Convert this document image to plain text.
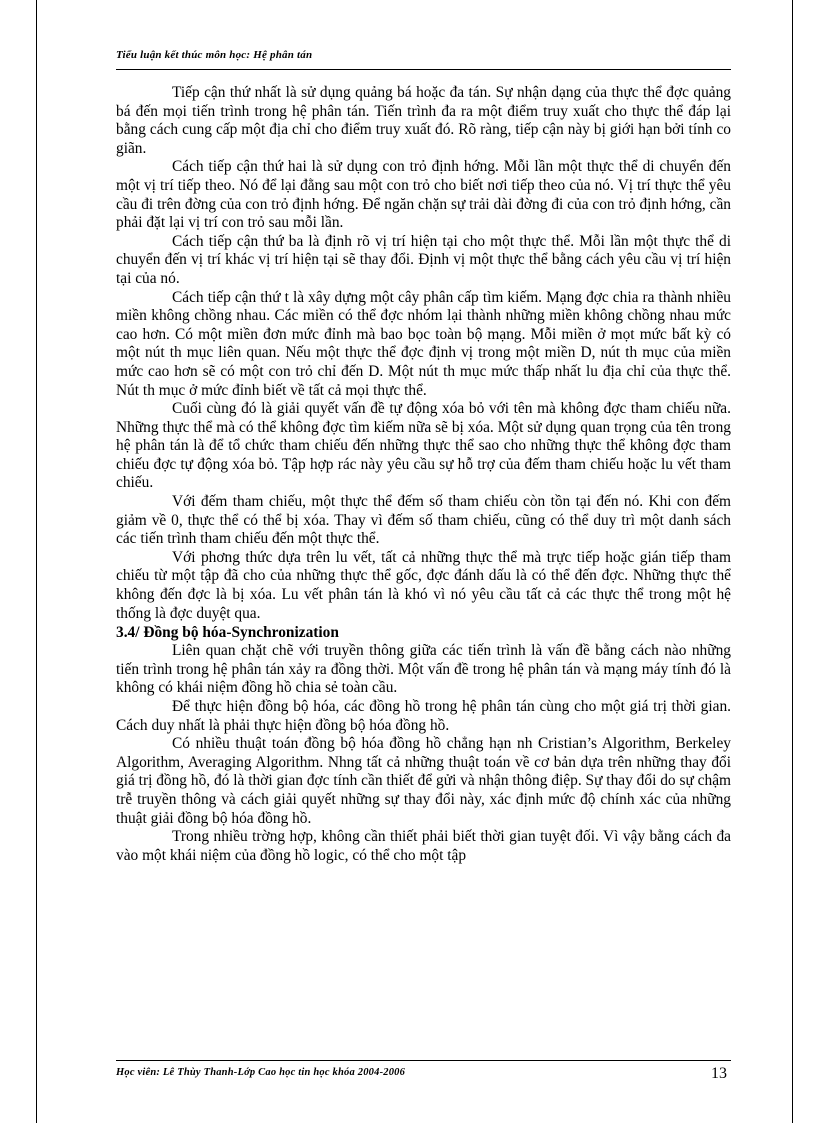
Tiểu luận kết thúc môn học: Hệ phân tán

Tiếp cận thứ nhất là sử dụng quảng bá hoặc đa tán. Sự nhận dạng của thực thể đợc quảng bá đến mọi tiến trình trong hệ phân tán. Tiến trình đa ra một điểm truy xuất cho thực thể đáp lại bằng cách cung cấp một địa chỉ cho điểm truy xuất đó. Rõ ràng, tiếp cận này bị giới hạn bởi tính co giãn.

Cách tiếp cận thứ hai là sử dụng con trỏ định hớng. Mỗi lần một thực thể di chuyển đến một vị trí tiếp theo. Nó để lại đằng sau một con trỏ cho biết nơi tiếp theo của nó. Vị trí thực thể yêu cầu đi trên đờng của con trỏ định hớng. Để ngăn chặn sự trải dài đờng đi của con trỏ định hớng, cần phải đặt lại vị trí con trỏ sau mỗi lần.

Cách tiếp cận thứ ba là định rõ vị trí hiện tại cho một thực thể. Mỗi lần một thực thể di chuyển đến vị trí khác vị trí hiện tại sẽ thay đổi. Định vị một thực thể bằng cách yêu cầu vị trí hiện tại của nó.

Cách tiếp cận thứ t là xây dựng một cây phân cấp tìm kiếm. Mạng đợc chia ra thành nhiều miền không chồng nhau. Các miền có thể đợc nhóm lại thành những miền không chồng nhau mức cao hơn. Có một miền đơn mức đỉnh mà bao bọc toàn bộ mạng. Mỗi miền ở mọt mức bất kỳ có một nút th mục liên quan. Nếu một thực thể đợc định vị trong một miền D, nút th mục của miền mức cao hơn sẽ có một con trỏ chỉ đến D. Một nút th mục mức thấp nhất lu địa chỉ của thực thể. Nút th mục ở mức đỉnh biết về tất cả mọi thực thể.

Cuối cùng đó là giải quyết vấn đề tự động xóa bỏ với tên mà không đợc tham chiếu nữa. Những thực thể mà có thể không đợc tìm kiếm nữa sẽ bị xóa. Một sử dụng quan trọng của tên trong hệ phân tán là để tổ chức tham chiếu đến những thực thể sao cho những thực thể không đợc tham chiếu đợc tự động xóa bỏ. Tập hợp rác này yêu cầu sự hỗ trợ của đếm tham chiếu hoặc lu vết tham chiếu.

Với đếm tham chiếu, một thực thể đếm số tham chiếu còn tồn tại đến nó. Khi con đếm giảm về 0, thực thể có thể bị xóa. Thay vì đếm số tham chiếu, cũng có thể duy trì một danh sách các tiến trình tham chiếu đến một thực thể.

Với phơng thức dựa trên lu vết, tất cả những thực thể mà trực tiếp hoặc gián tiếp tham chiếu từ một tập đã cho của những thực thể gốc, đợc đánh dấu là có thể đến đợc. Những thực thể không đến đợc là bị xóa. Lu vết phân tán là khó vì nó yêu cầu tất cả các thực thể trong một hệ thống là đợc duyệt qua.

3.4/ Đồng bộ hóa-Synchronization

Liên quan chặt chẽ với truyền thông giữa các tiến trình là vấn đề bằng cách nào những tiến trình trong hệ phân tán xảy ra đồng thời. Một vấn đề trong hệ phân tán và mạng máy tính đó là không có khái niệm đồng hồ chia sẻ toàn cầu.

Để thực hiện đồng bộ hóa, các đồng hồ trong hệ phân tán cùng cho một giá trị thời gian. Cách duy nhất là phải thực hiện đồng bộ hóa đồng hồ.

Có nhiều thuật toán đồng bộ hóa đồng hồ chẳng hạn nh Cristian’s Algorithm, Berkeley Algorithm, Averaging Algorithm. Nhng tất cả những thuật toán về cơ bản dựa trên những thay đổi giá trị đồng hồ, đó là thời gian đợc tính cần thiết để gửi và nhận thông điệp. Sự thay đổi do sự chậm trễ truyền thông và cách giải quyết những sự thay đổi này, xác định mức độ chính xác của những thuật giải đồng bộ hóa đồng hồ.

Trong nhiều trờng hợp, không cần thiết phải biết thời gian tuyệt đối. Vì vậy bằng cách đa vào một khái niệm của đồng hồ logic, có thể cho một tập

Học viên: Lê Thùy Thanh-Lớp Cao học tin học khóa 2004-2006	13
